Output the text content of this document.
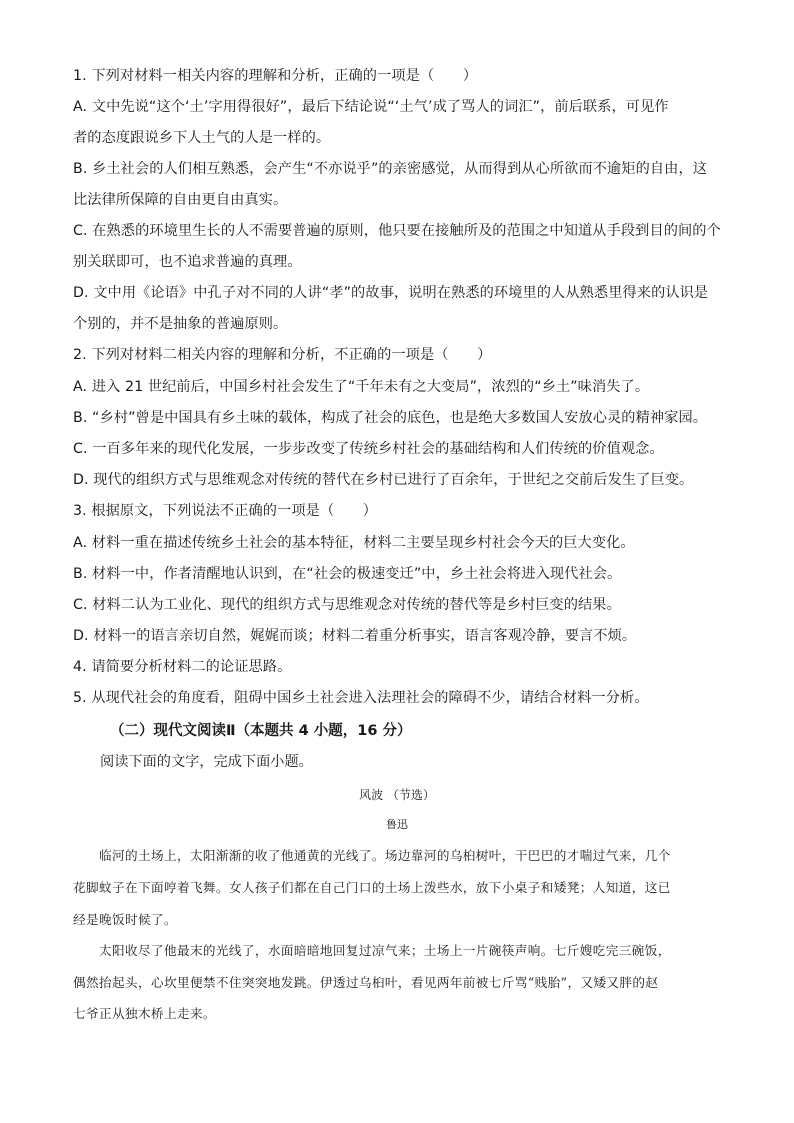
1. 下列对材料一相关内容的理解和分析，正确的一项是（　　）
A. 文中先说“这个‘土’字用得很好”，最后下结论说“‘土气’成了骂人的词汇”，前后联系，可见作
者的态度跟说乡下人土气的人是一样的。
B. 乡土社会的人们相互熟悉，会产生“不亦说乎”的亲密感觉，从而得到从心所欲而不逾矩的自由，这
比法律所保障的自由更自由真实。
C. 在熟悉的环境里生长的人不需要普遍的原则，他只要在接触所及的范围之中知道从手段到目的间的个
别关联即可，也不追求普遍的真理。
D. 文中用《论语》中孔子对不同的人讲“孝”的故事，说明在熟悉的环境里的人从熟悉里得来的认识是
个别的，并不是抽象的普遍原则。
2. 下列对材料二相关内容的理解和分析，不正确的一项是（　　）
A. 进入 21 世纪前后，中国乡村社会发生了“千年未有之大变局”，浓烈的“乡土”味消失了。
B. “乡村”曾是中国具有乡土味的载体，构成了社会的底色，也是绝大多数国人安放心灵的精神家园。
C. 一百多年来的现代化发展，一步步改变了传统乡村社会的基础结构和人们传统的价值观念。
D. 现代的组织方式与思维观念对传统的替代在乡村已进行了百余年，于世纪之交前后发生了巨变。
3. 根据原文，下列说法不正确的一项是（　　）
A. 材料一重在描述传统乡土社会的基本特征，材料二主要呈现乡村社会今天的巨大变化。
B. 材料一中，作者清醒地认识到，在“社会的极速变迁”中，乡土社会将进入现代社会。
C. 材料二认为工业化、现代的组织方式与思维观念对传统的替代等是乡村巨变的结果。
D. 材料一的语言亲切自然，娓娓而谈；材料二着重分析事实，语言客观冷静，要言不烦。
4. 请简要分析材料二的论证思路。
5. 从现代社会的角度看，阻碍中国乡土社会进入法理社会的障碍不少，请结合材料一分析。
（二）现代文阅读Ⅱ（本题共 4 小题，16 分）
阅读下面的文字，完成下面小题。
风波 （节选）
鲁迅
　　临河的土场上，太阳渐渐的收了他通黄的光线了。场边靠河的乌桕树叶，干巴巴的才喘过气来，几个
花脚蚊子在下面哼着飞舞。女人孩子们都在自己门口的土场上泼些水，放下小桌子和矮凳；人知道，这已
经是晚饭时候了。
　　太阳收尽了他最末的光线了，水面暗暗地回复过凉气来；土场上一片碗筷声响。七斤嫂吃完三碗饭，
偶然抬起头，心坎里便禁不住突突地发跳。伊透过乌桕叶，看见两年前被七斤骂“贱胎”，又矮又胖的赵
七爷正从独木桥上走来。
